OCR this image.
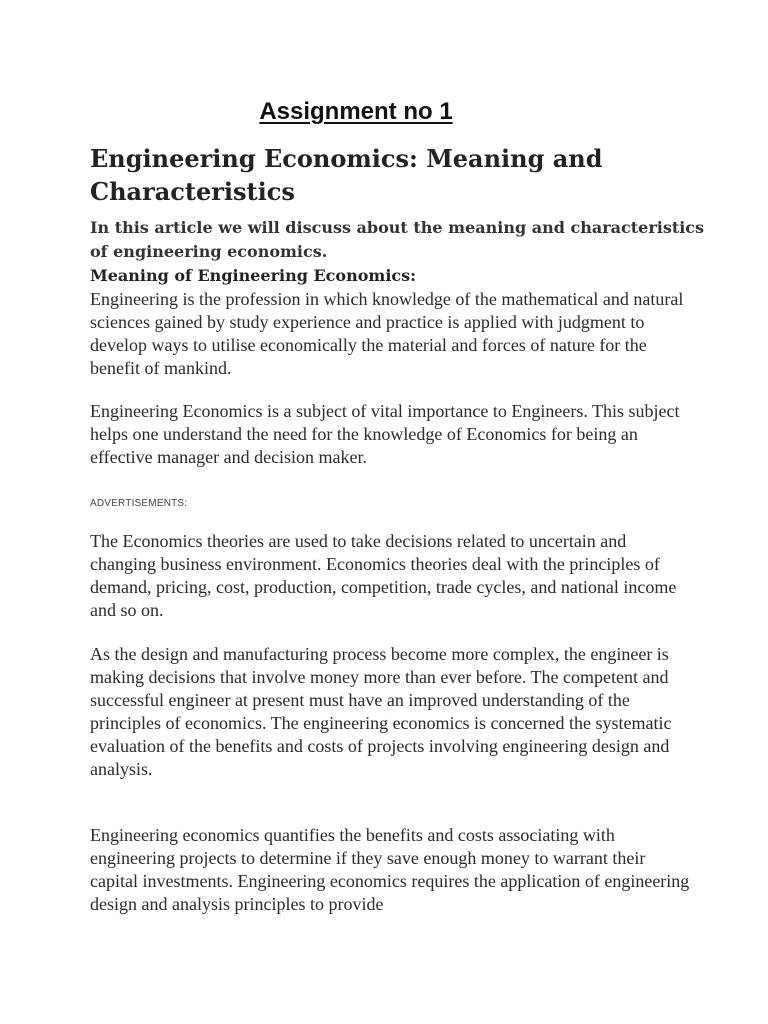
Assignment no 1
Engineering Economics: Meaning and Characteristics

In this article we will discuss about the meaning and characteristics of engineering economics.

Meaning of Engineering Economics:

Engineering is the profession in which knowledge of the mathematical and natural sciences gained by study experience and practice is applied with judgment to develop ways to utilise economically the material and forces of nature for the benefit of mankind.

Engineering Economics is a subject of vital importance to Engineers. This subject helps one understand the need for the knowledge of Economics for being an effective manager and decision maker.

ADVERTISEMENTS:

The Economics theories are used to take decisions related to uncertain and changing business environment. Economics theories deal with the principles of demand, pricing, cost, production, competition, trade cycles, and national income and so on.

As the design and manufacturing process become more complex, the engineer is making decisions that involve money more than ever before. The competent and successful engineer at present must have an improved understanding of the principles of economics. The engineering economics is concerned the systematic evaluation of the benefits and costs of projects involving engineering design and analysis.

Engineering economics quantifies the benefits and costs associating with engineering projects to determine if they save enough money to warrant their capital investments. Engineering economics requires the application of engineering design and analysis principles to provide
